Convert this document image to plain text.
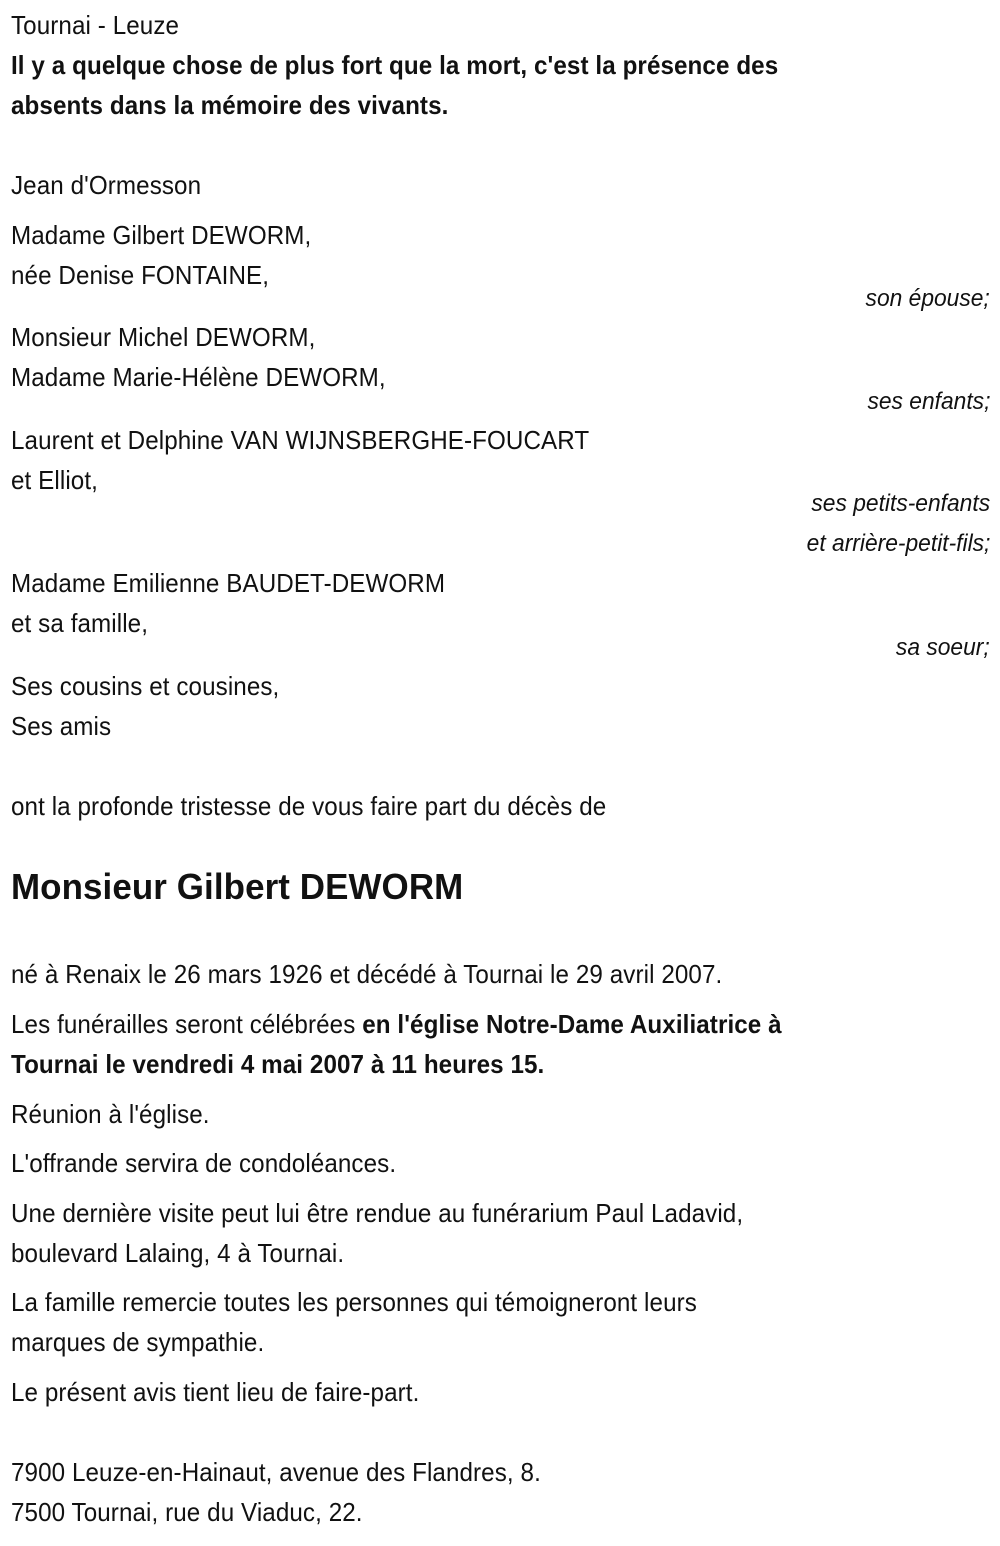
Tournai - Leuze
Il y a quelque chose de plus fort que la mort, c'est la présence des
absents dans la mémoire des vivants.
Jean d'Ormesson
Madame Gilbert DEWORM,
née Denise FONTAINE,
son épouse;
Monsieur Michel DEWORM,
Madame Marie-Hélène DEWORM,
ses enfants;
Laurent et Delphine VAN WIJNSBERGHE-FOUCART
et Elliot,
ses petits-enfants
et arrière-petit-fils;
Madame Emilienne BAUDET-DEWORM
et sa famille,
sa soeur;
Ses cousins et cousines,
Ses amis
ont la profonde tristesse de vous faire part du décès de
Monsieur Gilbert DEWORM
né à Renaix le 26 mars 1926 et décédé à Tournai le 29 avril 2007.
Les funérailles seront célébrées en l'église Notre-Dame Auxiliatrice à
Tournai le vendredi 4 mai 2007 à 11 heures 15.
Réunion à l'église.
L'offrande servira de condoléances.
Une dernière visite peut lui être rendue au funérarium Paul Ladavid,
boulevard Lalaing, 4 à Tournai.
La famille remercie toutes les personnes qui témoigneront leurs
marques de sympathie.
Le présent avis tient lieu de faire-part.
7900 Leuze-en-Hainaut, avenue des Flandres, 8.
7500 Tournai, rue du Viaduc, 22.
